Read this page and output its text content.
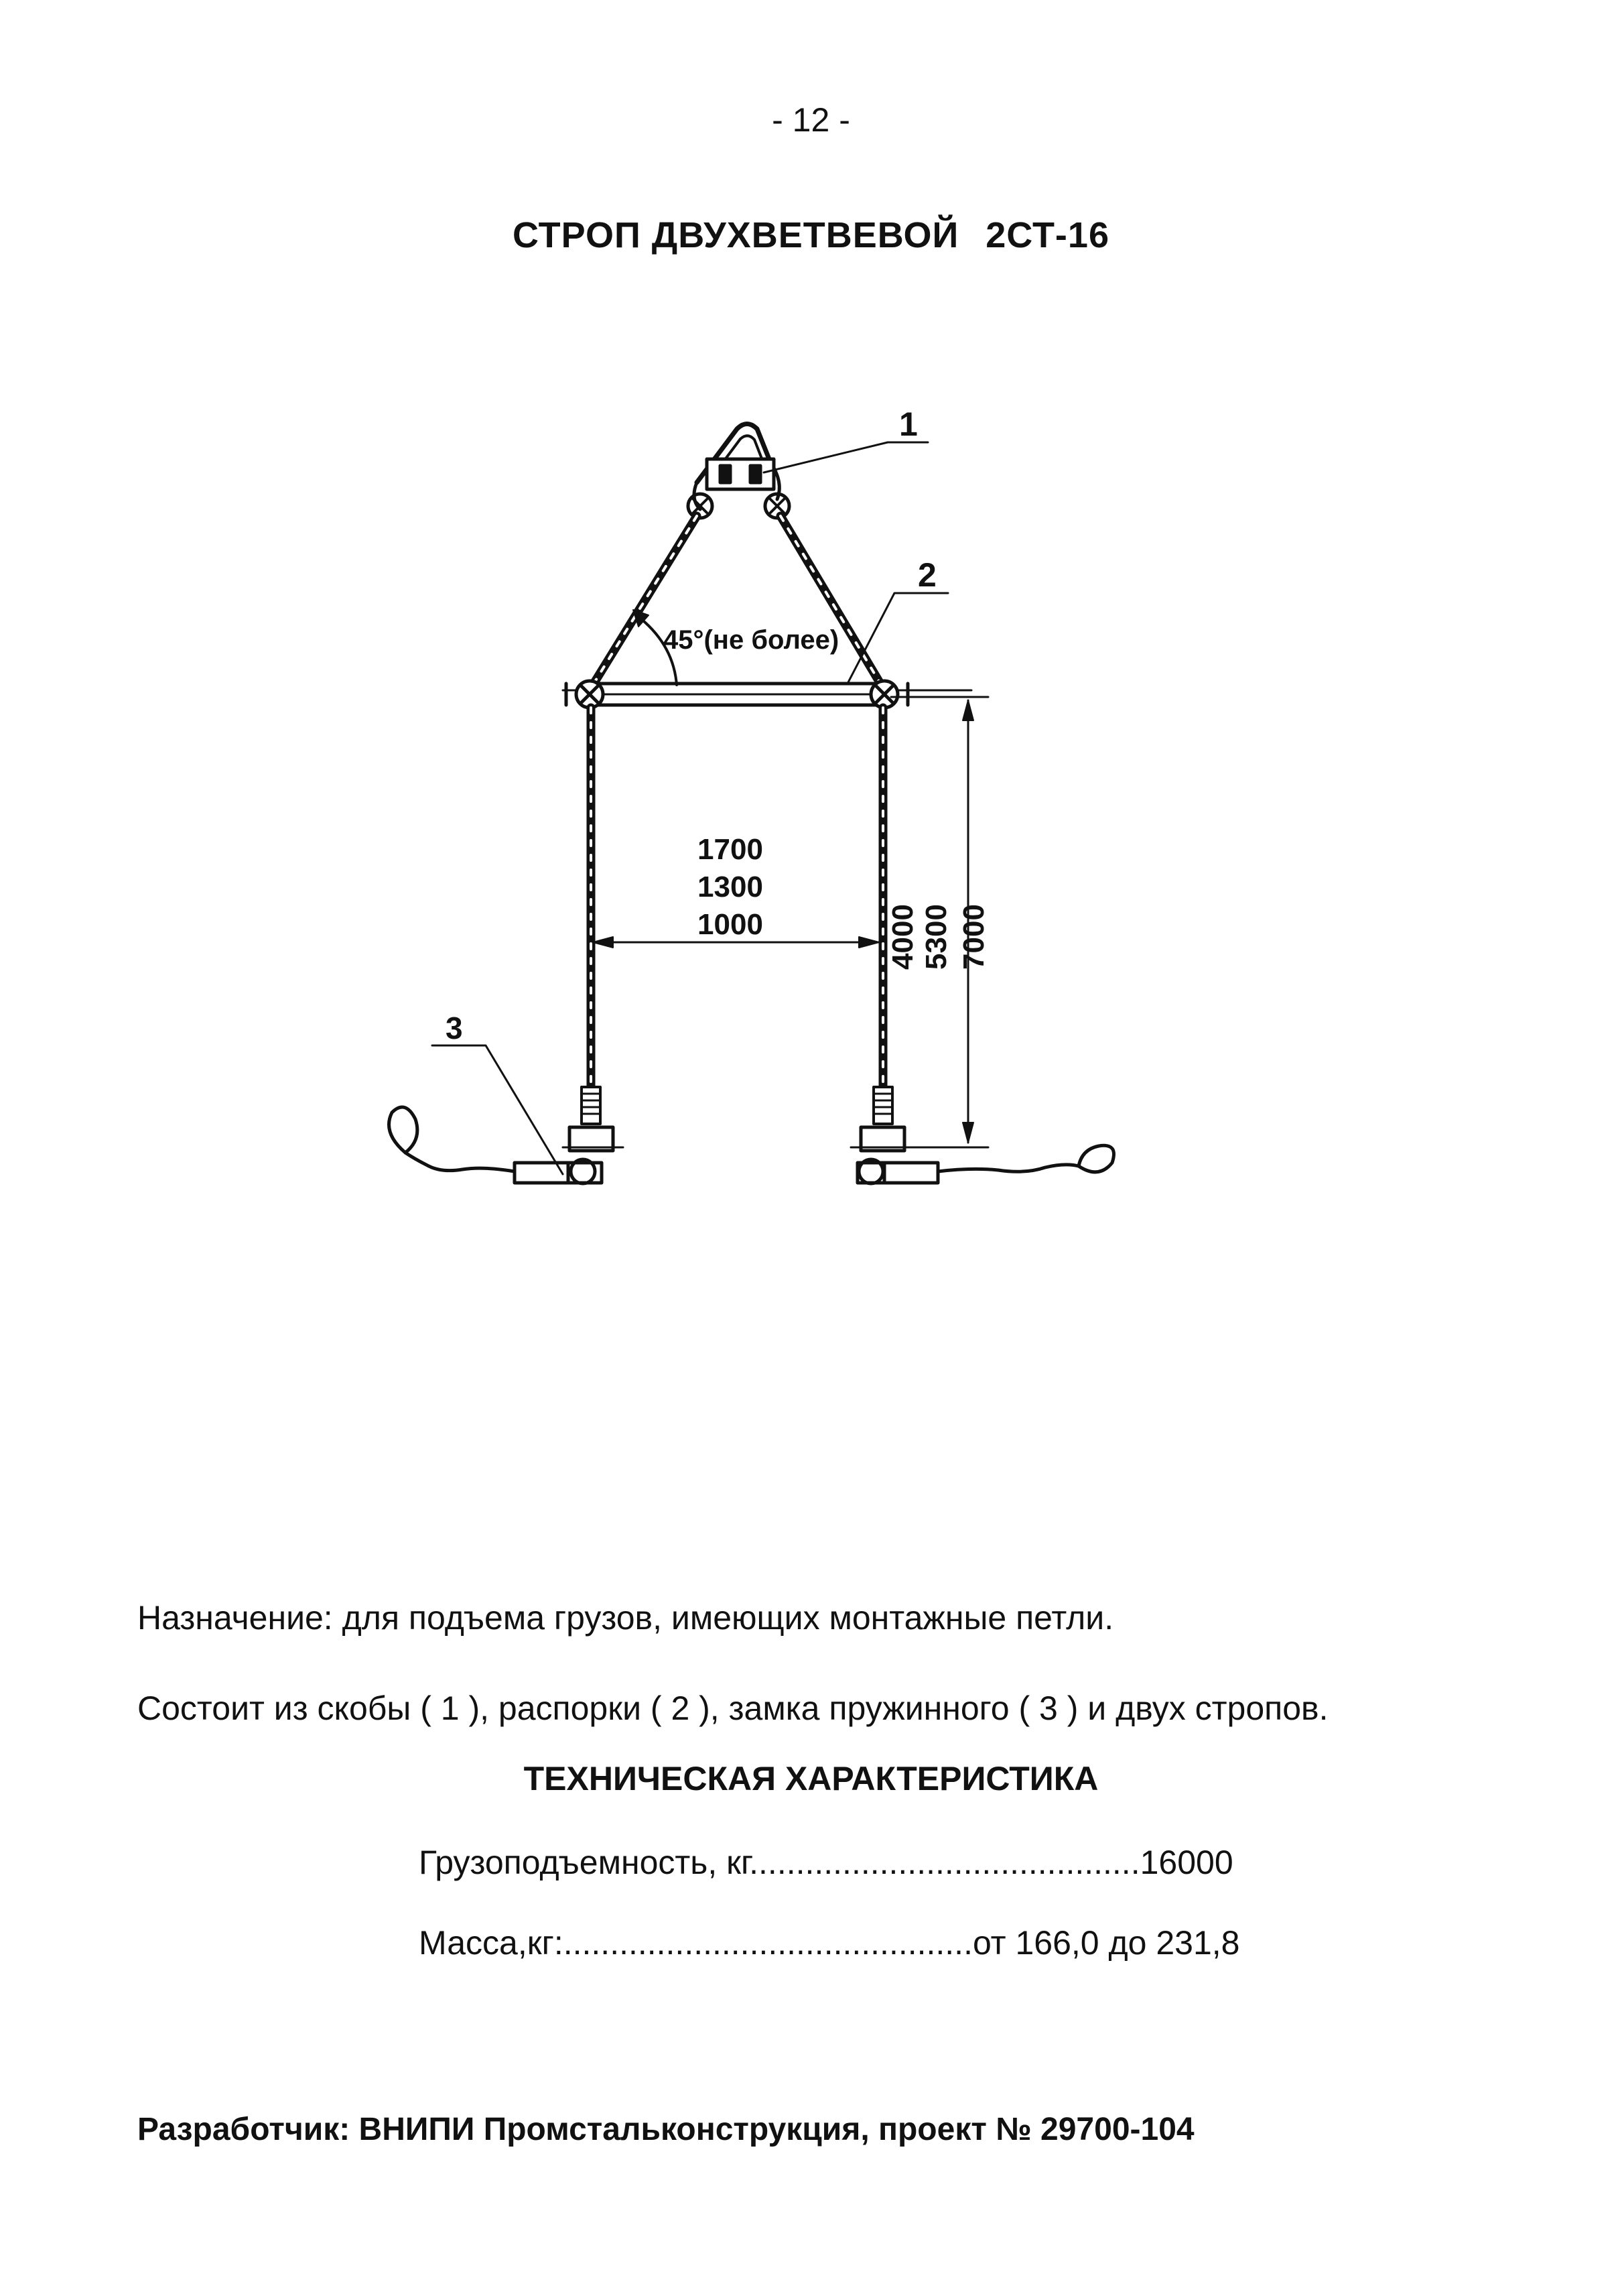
- 12 -
СТРОП ДВУХВЕТВЕВОЙ 2СТ-16
1
2
3
45°(не более)
1700
1300
1000	4000 5300 7000
Назначение: для подъема грузов, имеющих монтажные петли.
Состоит из скобы ( 1 ), распорки ( 2 ), замка пружинного ( 3 ) и двух стропов.
ТЕХНИЧЕСКАЯ ХАРАКТЕРИСТИКА
Грузоподъемность, кг..........................................16000
Масса,кг:............................................от 166,0 до 231,8
Разработчик: ВНИПИ Промстальконструкция, проект № 29700-104
